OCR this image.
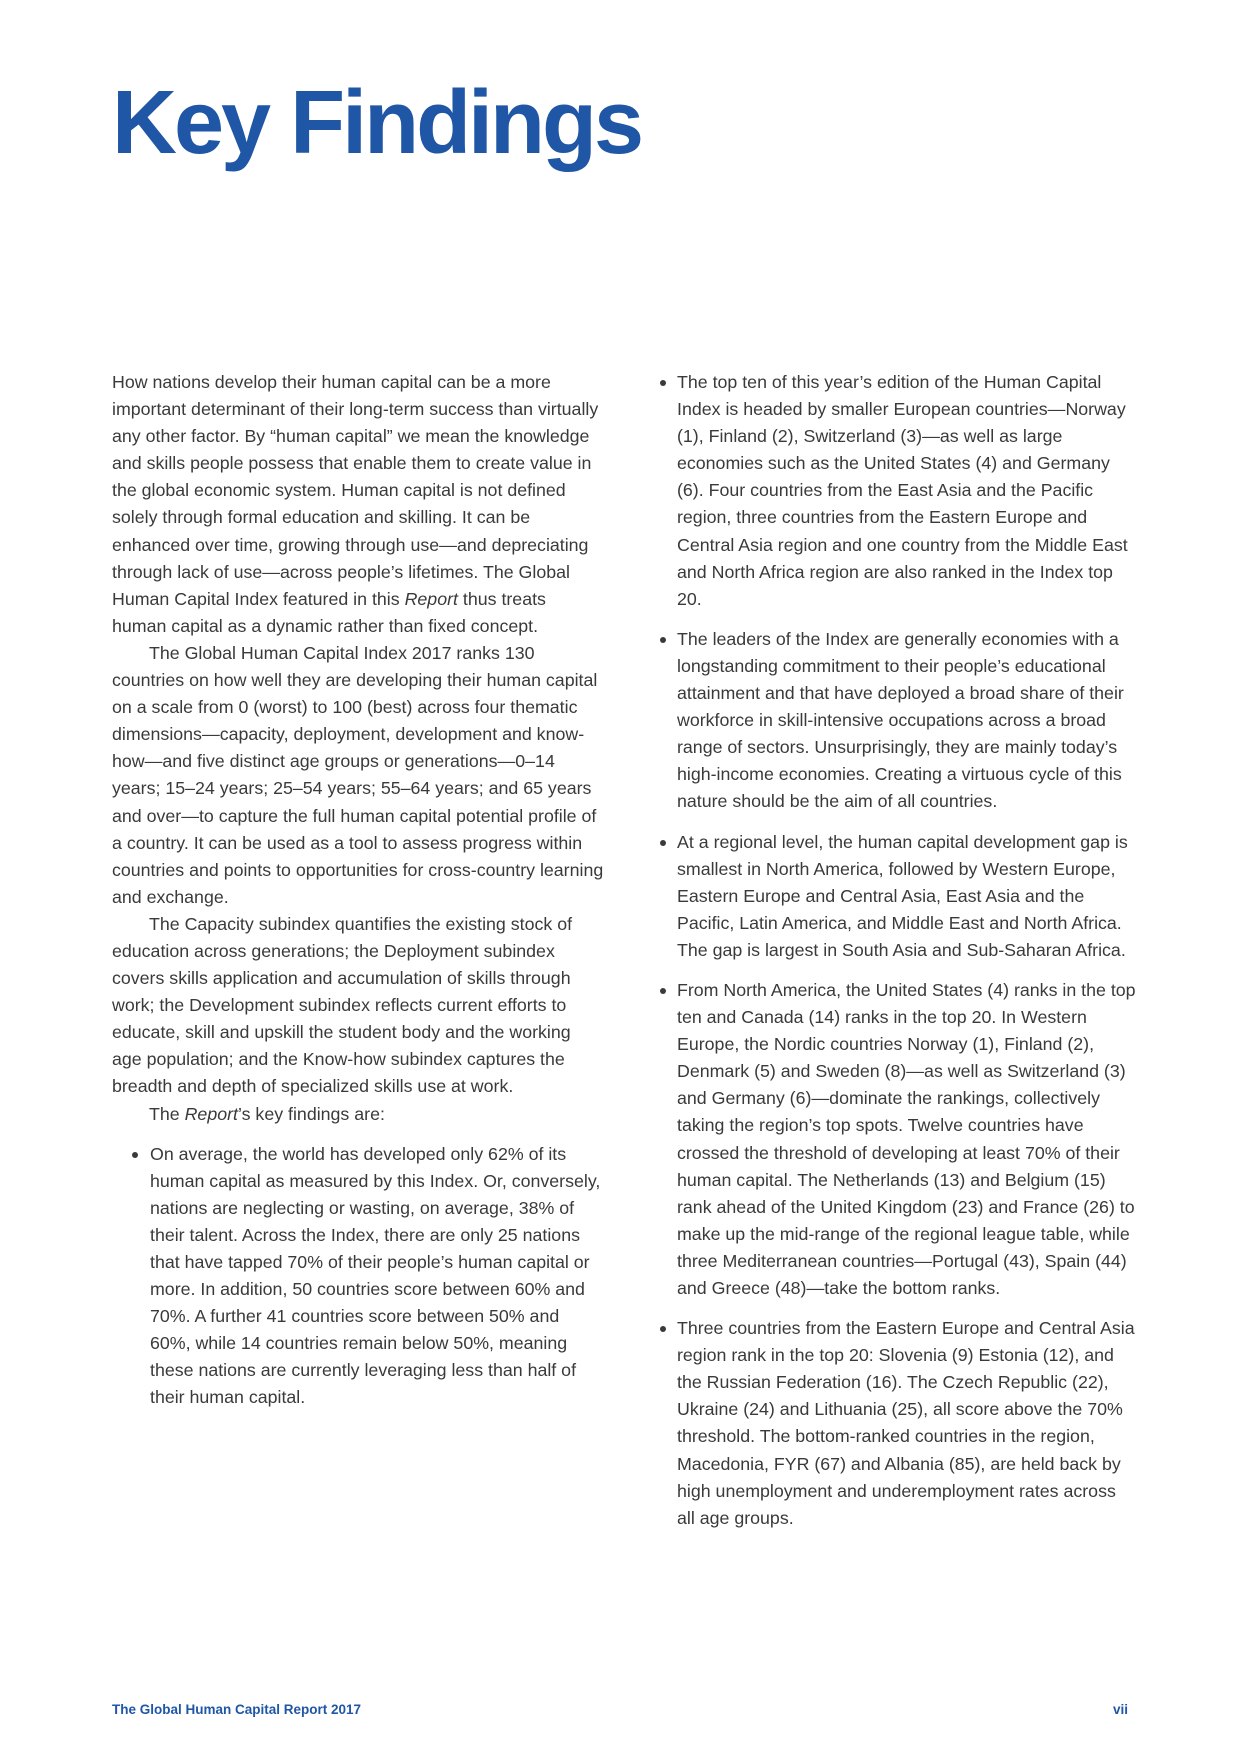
Key Findings

How nations develop their human capital can be a more important determinant of their long-term success than virtually any other factor. By “human capital” we mean the knowledge and skills people possess that enable them to create value in the global economic system. Human capital is not defined solely through formal education and skilling. It can be enhanced over time, growing through use—and depreciating through lack of use—across people’s lifetimes. The Global Human Capital Index featured in this Report thus treats human capital as a dynamic rather than fixed concept.

The Global Human Capital Index 2017 ranks 130 countries on how well they are developing their human capital on a scale from 0 (worst) to 100 (best) across four thematic dimensions—capacity, deployment, development and know-how—and five distinct age groups or generations—0–14 years; 15–24 years; 25–54 years; 55–64 years; and 65 years and over—to capture the full human capital potential profile of a country. It can be used as a tool to assess progress within countries and points to opportunities for cross-country learning and exchange.

The Capacity subindex quantifies the existing stock of education across generations; the Deployment subindex covers skills application and accumulation of skills through work; the Development subindex reflects current efforts to educate, skill and upskill the student body and the working age population; and the Know-how subindex captures the breadth and depth of specialized skills use at work.

The Report’s key findings are:

On average, the world has developed only 62% of its human capital as measured by this Index. Or, conversely, nations are neglecting or wasting, on average, 38% of their talent. Across the Index, there are only 25 nations that have tapped 70% of their people’s human capital or more. In addition, 50 countries score between 60% and 70%. A further 41 countries score between 50% and 60%, while 14 countries remain below 50%, meaning these nations are currently leveraging less than half of their human capital.
The top ten of this year’s edition of the Human Capital Index is headed by smaller European countries—Norway (1), Finland (2), Switzerland (3)—as well as large economies such as the United States (4) and Germany (6). Four countries from the East Asia and the Pacific region, three countries from the Eastern Europe and Central Asia region and one country from the Middle East and North Africa region are also ranked in the Index top 20.
The leaders of the Index are generally economies with a longstanding commitment to their people’s educational attainment and that have deployed a broad share of their workforce in skill-intensive occupations across a broad range of sectors. Unsurprisingly, they are mainly today’s high-income economies. Creating a virtuous cycle of this nature should be the aim of all countries.
At a regional level, the human capital development gap is smallest in North America, followed by Western Europe, Eastern Europe and Central Asia, East Asia and the Pacific, Latin America, and Middle East and North Africa. The gap is largest in South Asia and Sub-Saharan Africa.
From North America, the United States (4) ranks in the top ten and Canada (14) ranks in the top 20. In Western Europe, the Nordic countries Norway (1), Finland (2), Denmark (5) and Sweden (8)—as well as Switzerland (3) and Germany (6)—dominate the rankings, collectively taking the region’s top spots. Twelve countries have crossed the threshold of developing at least 70% of their human capital. The Netherlands (13) and Belgium (15) rank ahead of the United Kingdom (23) and France (26) to make up the mid-range of the regional league table, while three Mediterranean countries—Portugal (43), Spain (44) and Greece (48)—take the bottom ranks.
Three countries from the Eastern Europe and Central Asia region rank in the top 20: Slovenia (9) Estonia (12), and the Russian Federation (16). The Czech Republic (22), Ukraine (24) and Lithuania (25), all score above the 70% threshold. The bottom-ranked countries in the region, Macedonia, FYR (67) and Albania (85), are held back by high unemployment and underemployment rates across all age groups.
The Global Human Capital Report 2017	vii
